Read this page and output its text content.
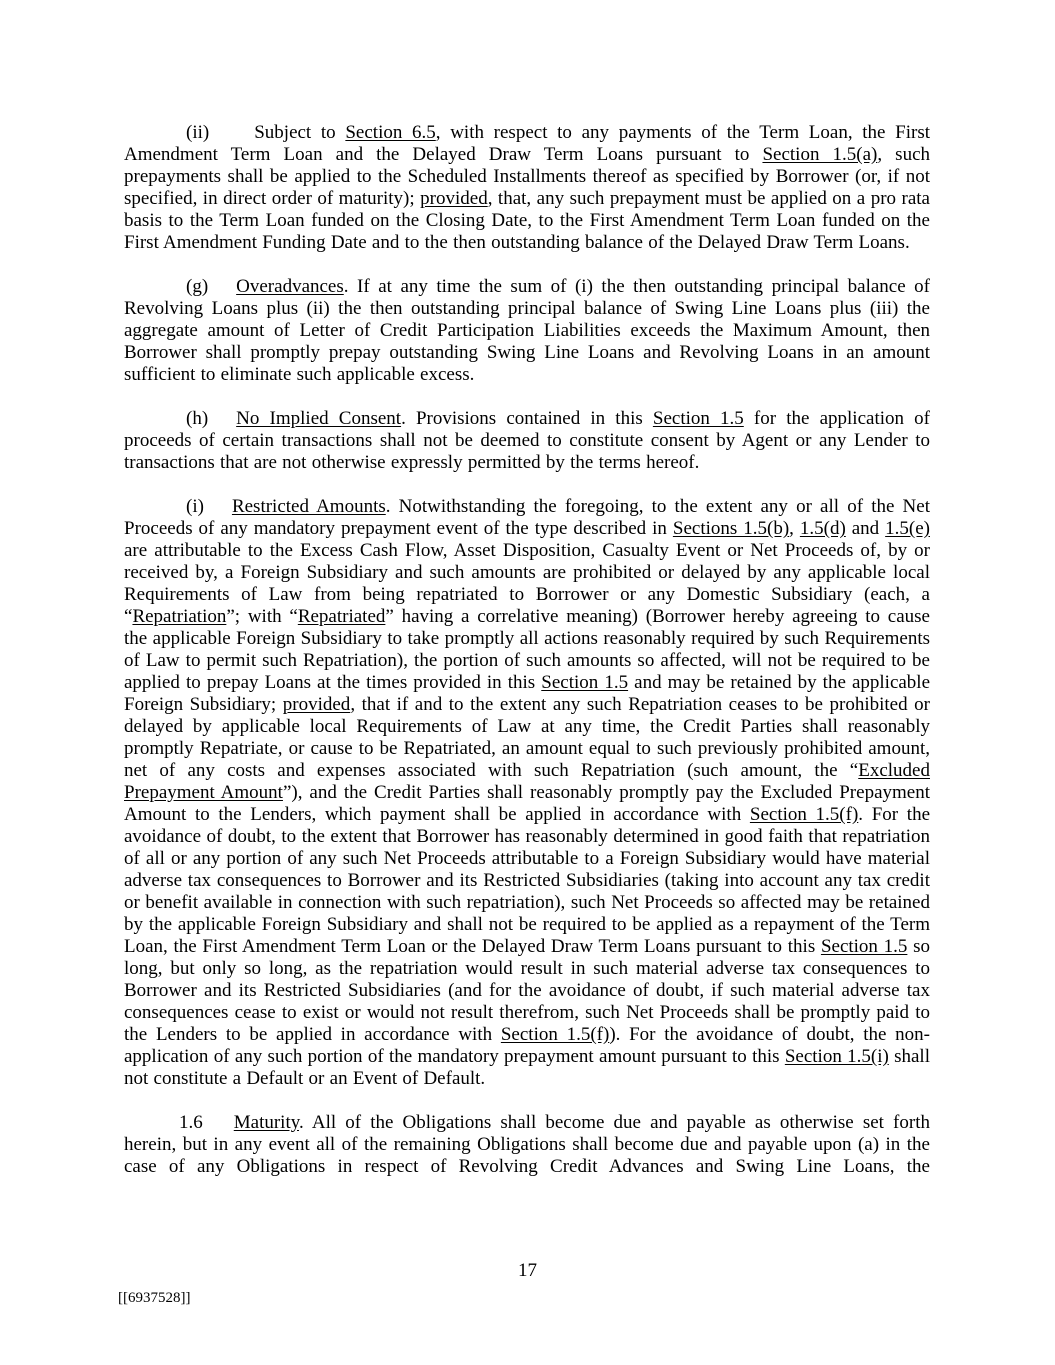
(ii) Subject to Section 6.5, with respect to any payments of the Term Loan, the First Amendment Term Loan and the Delayed Draw Term Loans pursuant to Section 1.5(a), such prepayments shall be applied to the Scheduled Installments thereof as specified by Borrower (or, if not specified, in direct order of maturity); provided, that, any such prepayment must be applied on a pro rata basis to the Term Loan funded on the Closing Date, to the First Amendment Term Loan funded on the First Amendment Funding Date and to the then outstanding balance of the Delayed Draw Term Loans.

(g) Overadvances. If at any time the sum of (i) the then outstanding principal balance of Revolving Loans plus (ii) the then outstanding principal balance of Swing Line Loans plus (iii) the aggregate amount of Letter of Credit Participation Liabilities exceeds the Maximum Amount, then Borrower shall promptly prepay outstanding Swing Line Loans and Revolving Loans in an amount sufficient to eliminate such applicable excess.

(h) No Implied Consent. Provisions contained in this Section 1.5 for the application of proceeds of certain transactions shall not be deemed to constitute consent by Agent or any Lender to transactions that are not otherwise expressly permitted by the terms hereof.

(i) Restricted Amounts. Notwithstanding the foregoing, to the extent any or all of the Net Proceeds of any mandatory prepayment event of the type described in Sections 1.5(b), 1.5(d) and 1.5(e) are attributable to the Excess Cash Flow, Asset Disposition, Casualty Event or Net Proceeds of, by or received by, a Foreign Subsidiary and such amounts are prohibited or delayed by any applicable local Requirements of Law from being repatriated to Borrower or any Domestic Subsidiary (each, a “Repatriation”; with “Repatriated” having a correlative meaning) (Borrower hereby agreeing to cause the applicable Foreign Subsidiary to take promptly all actions reasonably required by such Requirements of Law to permit such Repatriation), the portion of such amounts so affected, will not be required to be applied to prepay Loans at the times provided in this Section 1.5 and may be retained by the applicable Foreign Subsidiary; provided, that if and to the extent any such Repatriation ceases to be prohibited or delayed by applicable local Requirements of Law at any time, the Credit Parties shall reasonably promptly Repatriate, or cause to be Repatriated, an amount equal to such previously prohibited amount, net of any costs and expenses associated with such Repatriation (such amount, the “Excluded Prepayment Amount”), and the Credit Parties shall reasonably promptly pay the Excluded Prepayment Amount to the Lenders, which payment shall be applied in accordance with Section 1.5(f). For the avoidance of doubt, to the extent that Borrower has reasonably determined in good faith that repatriation of all or any portion of any such Net Proceeds attributable to a Foreign Subsidiary would have material adverse tax consequences to Borrower and its Restricted Subsidiaries (taking into account any tax credit or benefit available in connection with such repatriation), such Net Proceeds so affected may be retained by the applicable Foreign Subsidiary and shall not be required to be applied as a repayment of the Term Loan, the First Amendment Term Loan or the Delayed Draw Term Loans pursuant to this Section 1.5 so long, but only so long, as the repatriation would result in such material adverse tax consequences to Borrower and its Restricted Subsidiaries (and for the avoidance of doubt, if such material adverse tax consequences cease to exist or would not result therefrom, such Net Proceeds shall be promptly paid to the Lenders to be applied in accordance with Section 1.5(f)). For the avoidance of doubt, the non-application of any such portion of the mandatory prepayment amount pursuant to this Section 1.5(i) shall not constitute a Default or an Event of Default.

1.6 Maturity. All of the Obligations shall become due and payable as otherwise set forth herein, but in any event all of the remaining Obligations shall become due and payable upon (a) in the case of any Obligations in respect of Revolving Credit Advances and Swing Line Loans, the

17
[[6937528]]
